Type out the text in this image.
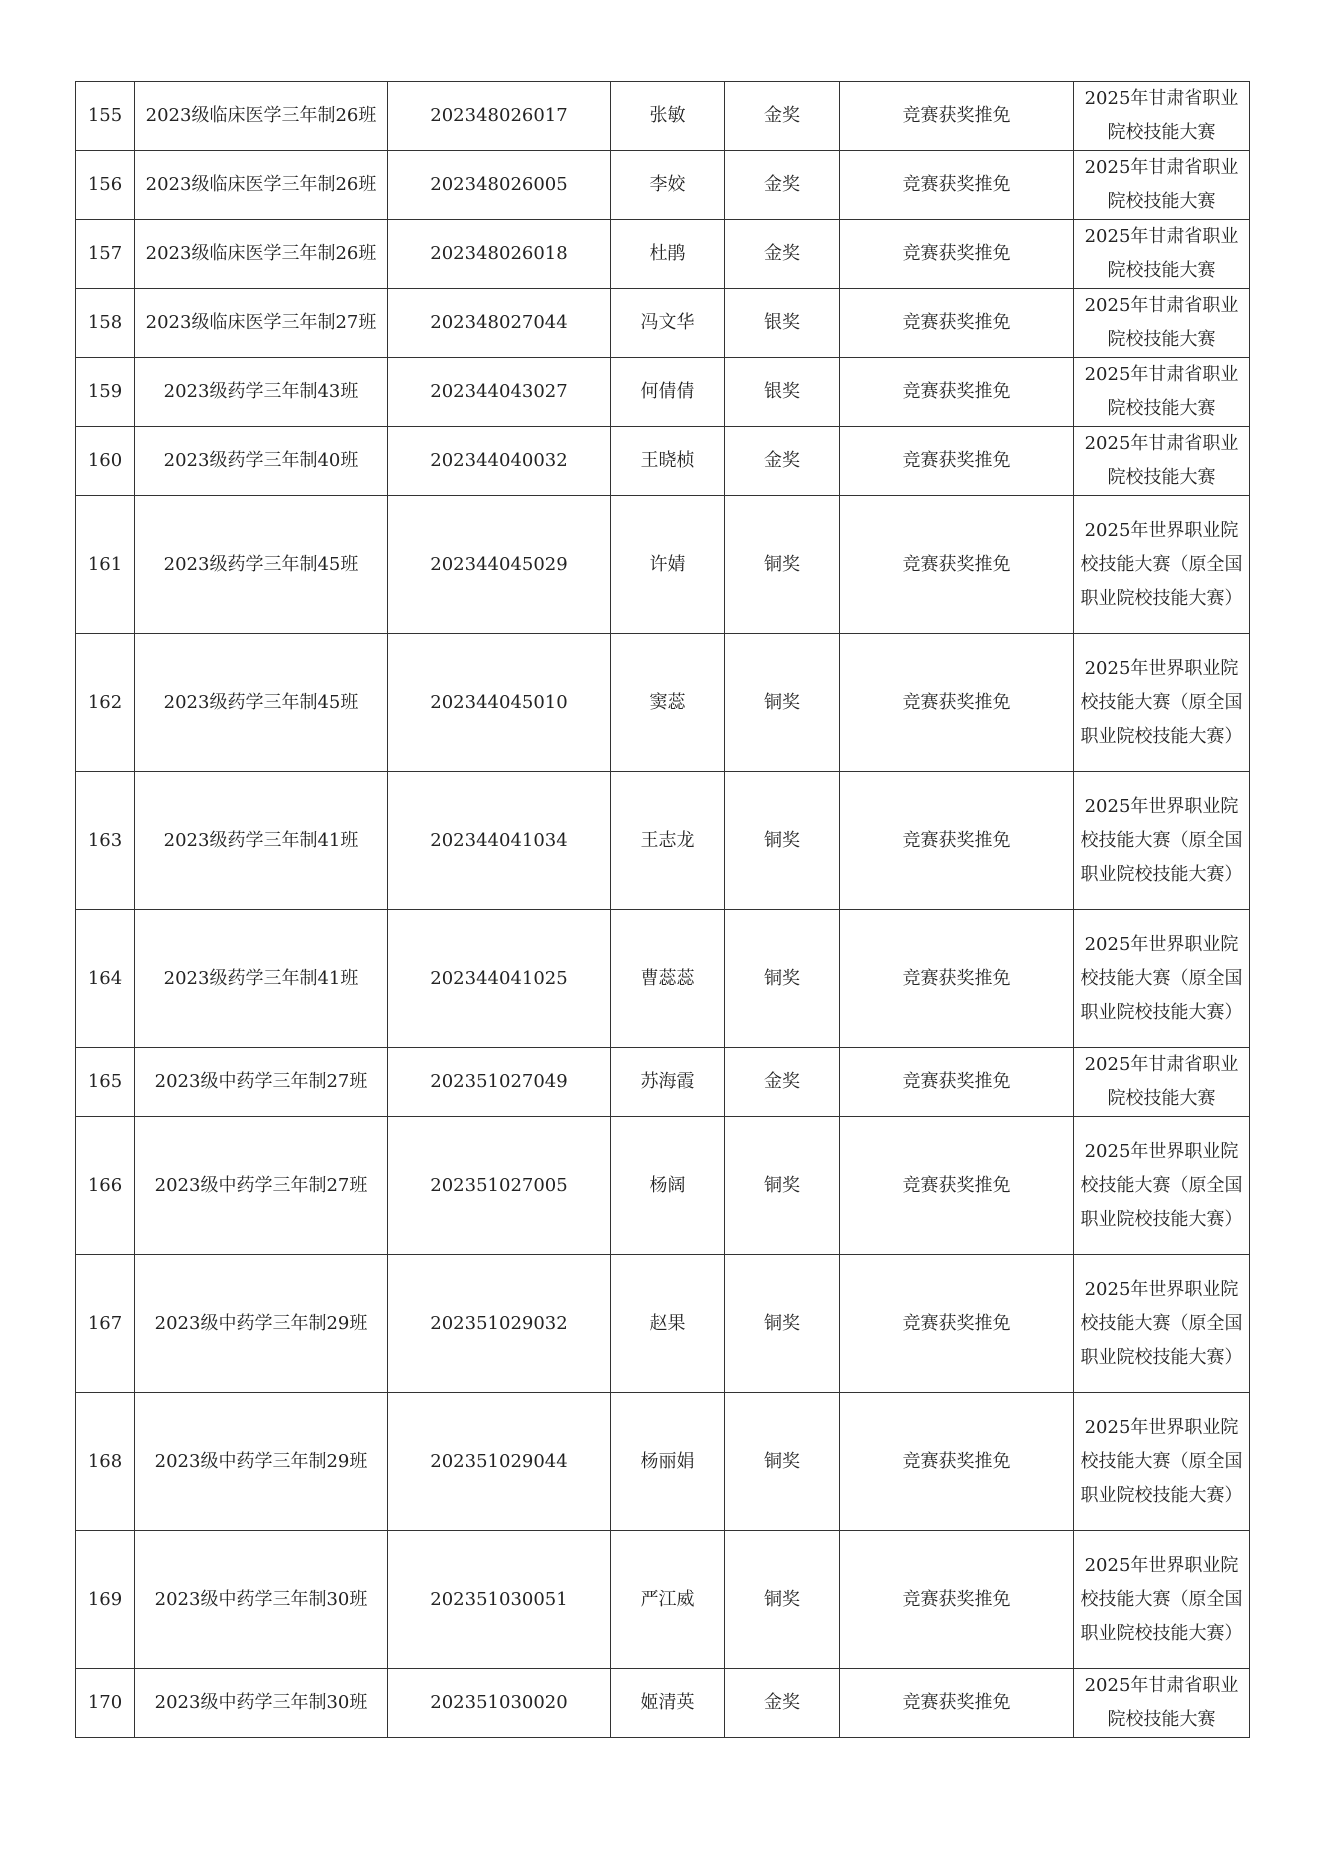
155	2023级临床医学三年制26班	202348026017	张敏	金奖	竞赛获奖推免	2025年甘肃省职业院校技能大赛
156	2023级临床医学三年制26班	202348026005	李姣	金奖	竞赛获奖推免	2025年甘肃省职业院校技能大赛
157	2023级临床医学三年制26班	202348026018	杜鹃	金奖	竞赛获奖推免	2025年甘肃省职业院校技能大赛
158	2023级临床医学三年制27班	202348027044	冯文华	银奖	竞赛获奖推免	2025年甘肃省职业院校技能大赛
159	2023级药学三年制43班	202344043027	何倩倩	银奖	竞赛获奖推免	2025年甘肃省职业院校技能大赛
160	2023级药学三年制40班	202344040032	王晓桢	金奖	竞赛获奖推免	2025年甘肃省职业院校技能大赛
161	2023级药学三年制45班	202344045029	许婧	铜奖	竞赛获奖推免	2025年世界职业院校技能大赛（原全国职业院校技能大赛）
162	2023级药学三年制45班	202344045010	窦蕊	铜奖	竞赛获奖推免	2025年世界职业院校技能大赛（原全国职业院校技能大赛）
163	2023级药学三年制41班	202344041034	王志龙	铜奖	竞赛获奖推免	2025年世界职业院校技能大赛（原全国职业院校技能大赛）
164	2023级药学三年制41班	202344041025	曹蕊蕊	铜奖	竞赛获奖推免	2025年世界职业院校技能大赛（原全国职业院校技能大赛）
165	2023级中药学三年制27班	202351027049	苏海霞	金奖	竞赛获奖推免	2025年甘肃省职业院校技能大赛
166	2023级中药学三年制27班	202351027005	杨阔	铜奖	竞赛获奖推免	2025年世界职业院校技能大赛（原全国职业院校技能大赛）
167	2023级中药学三年制29班	202351029032	赵果	铜奖	竞赛获奖推免	2025年世界职业院校技能大赛（原全国职业院校技能大赛）
168	2023级中药学三年制29班	202351029044	杨丽娟	铜奖	竞赛获奖推免	2025年世界职业院校技能大赛（原全国职业院校技能大赛）
169	2023级中药学三年制30班	202351030051	严江威	铜奖	竞赛获奖推免	2025年世界职业院校技能大赛（原全国职业院校技能大赛）
170	2023级中药学三年制30班	202351030020	姬清英	金奖	竞赛获奖推免	2025年甘肃省职业院校技能大赛
